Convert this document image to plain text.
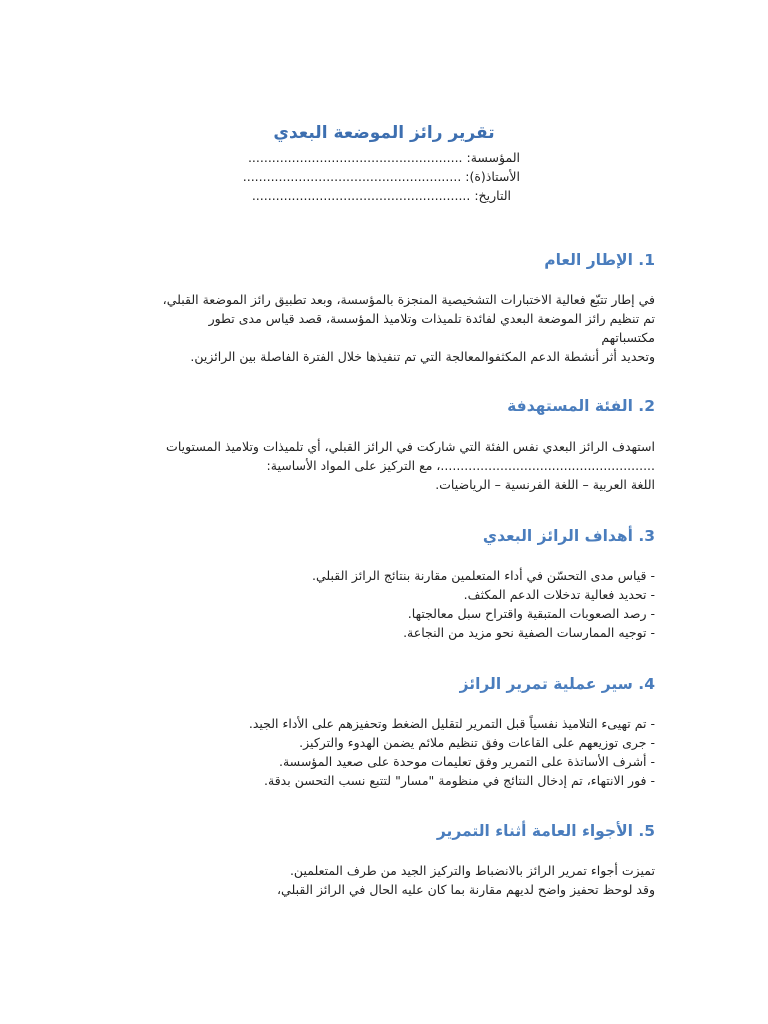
تقرير رائز الموضعة البعدي
المؤسسة: ......................................................
الأستاذ(ة): .......................................................
التاريخ: .......................................................
1. الإطار العام
في إطار تتبّع فعالية الاختبارات التشخيصية المنجزة بالمؤسسة، وبعد تطبيق رائز الموضعة القبلي،
تم تنظيم رائز الموضعة البعدي لفائدة تلميذات وتلاميذ المؤسسة، قصد قياس مدى تطور
مكتسباتهم
وتحديد أثر أنشطة الدعم المكثفوالمعالجة التي تم تنفيذها خلال الفترة الفاصلة بين الرائزين.
2. الفئة المستهدفة
استهدف الرائز البعدي نفس الفئة التي شاركت في الرائز القبلي، أي تلميذات وتلاميذ المستويات
......................................................، مع التركيز على المواد الأساسية:
اللغة العربية – اللغة الفرنسية – الرياضيات.
3. أهداف الرائز البعدي
- قياس مدى التحسّن في أداء المتعلمين مقارنة بنتائج الرائز القبلي.
- تحديد فعالية تدخلات الدعم المكثف.
- رصد الصعوبات المتبقية واقتراح سبل معالجتها.
- توجيه الممارسات الصفية نحو مزيد من النجاعة.
4. سير عملية تمرير الرائز
- تم تهيىء التلاميذ نفسياً قبل التمرير لتقليل الضغط وتحفيزهم على الأداء الجيد.
- جرى توزيعهم على القاعات وفق تنظيم ملائم يضمن الهدوء والتركيز.
- أشرف الأساتذة على التمرير وفق تعليمات موحدة على صعيد المؤسسة.
- فور الانتهاء، تم إدخال النتائج في منظومة "مسار" لتتبع نسب التحسن بدقة.
5. الأجواء العامة أثناء التمرير
تميزت أجواء تمرير الرائز بالانضباط والتركيز الجيد من طرف المتعلمين.
وقد لوحظ تحفيز واضح لديهم مقارنة بما كان عليه الحال في الرائز القبلي،
